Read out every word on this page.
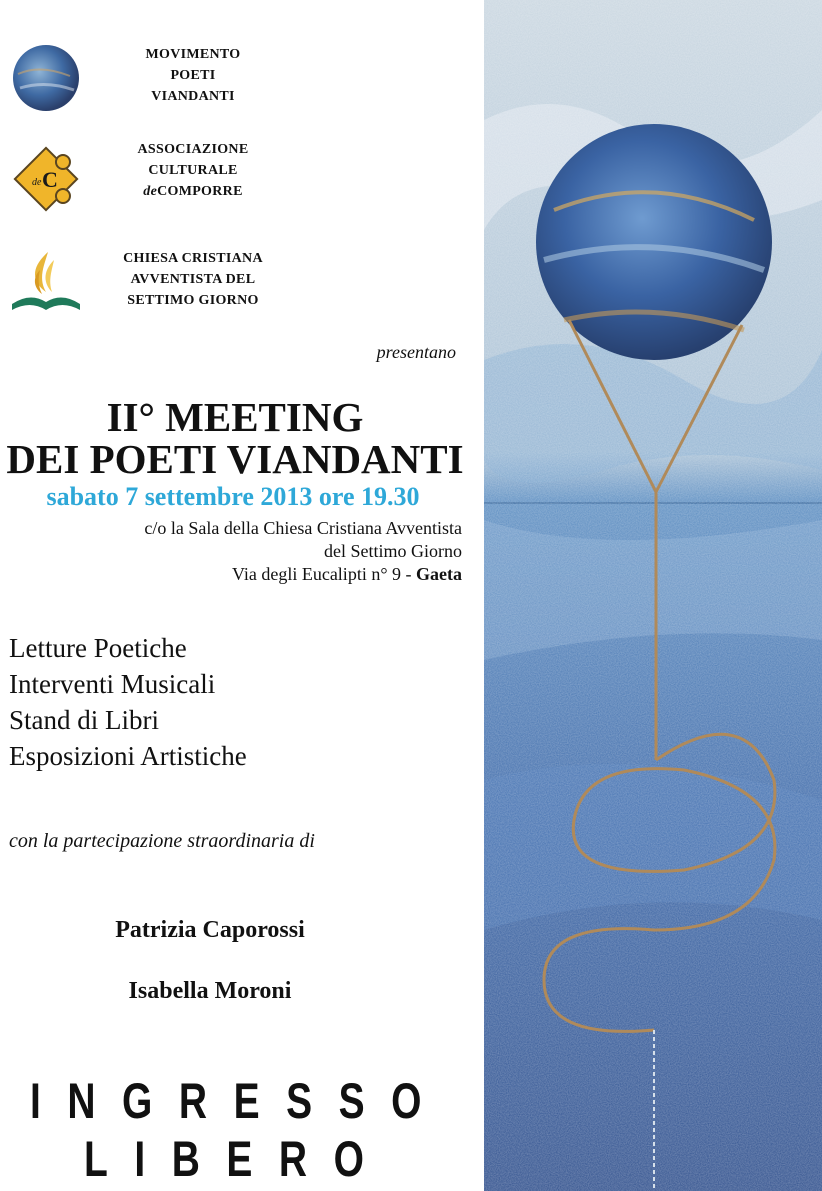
MOVIMENTO
POETI
VIANDANTI
de C
ASSOCIAZIONE
CULTURALE
deCOMPORRE
CHIESA CRISTIANA
AVVENTISTA DEL
SETTIMO GIORNO
presentano
II° MEETING
DEI POETI VIANDANTI
sabato 7 settembre 2013 ore 19.30
c/o la Sala della Chiesa Cristiana Avventista
del Settimo Giorno
Via degli Eucalipti n° 9 - Gaeta
Letture Poetiche
Interventi Musicali
Stand di Libri
Esposizioni Artistiche
con la partecipazione straordinaria di
Patrizia Caporossi
Isabella Moroni
INGRESSO
LIBERO
